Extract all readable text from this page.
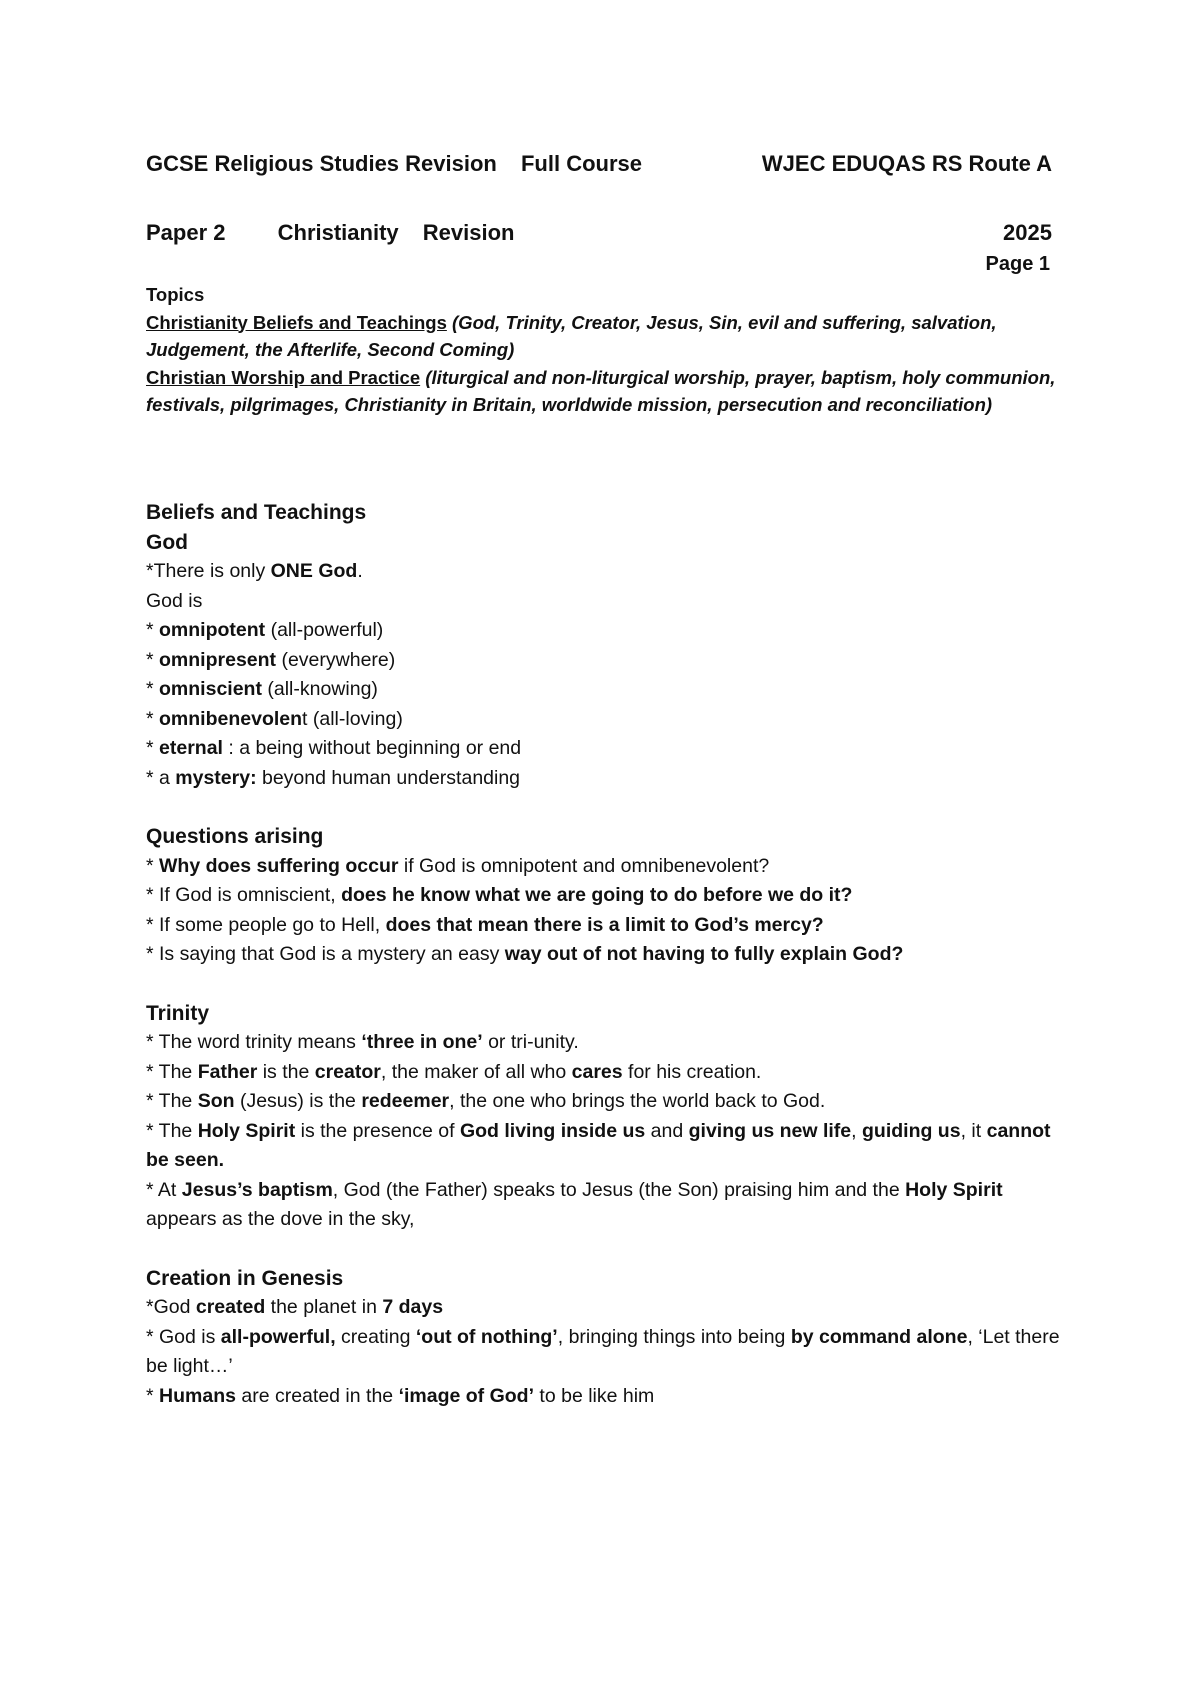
GCSE Religious Studies Revision Full Course	WJEC EDUQAS RS Route A
Paper 2 Christianity Revision	2025
Page 1
Topics
Christianity Beliefs and Teachings (God, Trinity, Creator, Jesus, Sin, evil and suffering, salvation, Judgement, the Afterlife, Second Coming)
Christian Worship and Practice (liturgical and non-liturgical worship, prayer, baptism, holy communion, festivals, pilgrimages, Christianity in Britain, worldwide mission, persecution and reconciliation)

Beliefs and Teachings

God

*There is only ONE God.

God is

* omnipotent (all-powerful)

* omnipresent (everywhere)

* omniscient (all-knowing)

* omnibenevolent (all-loving)

* eternal : a being without beginning or end

* a mystery: beyond human understanding

Questions arising

* Why does suffering occur if God is omnipotent and omnibenevolent?

* If God is omniscient, does he know what we are going to do before we do it?

* If some people go to Hell, does that mean there is a limit to God’s mercy?

* Is saying that God is a mystery an easy way out of not having to fully explain God?

Trinity

* The word trinity means ‘three in one’ or tri-unity.

* The Father is the creator, the maker of all who cares for his creation.

* The Son (Jesus) is the redeemer, the one who brings the world back to God.

* The Holy Spirit is the presence of God living inside us and giving us new life, guiding us, it cannot be seen.

* At Jesus’s baptism, God (the Father) speaks to Jesus (the Son) praising him and the Holy Spirit appears as the dove in the sky,

Creation in Genesis

*God created the planet in 7 days

* God is all-powerful, creating ‘out of nothing’, bringing things into being by command alone, ‘Let there be light…’

* Humans are created in the ‘image of God’ to be like him
